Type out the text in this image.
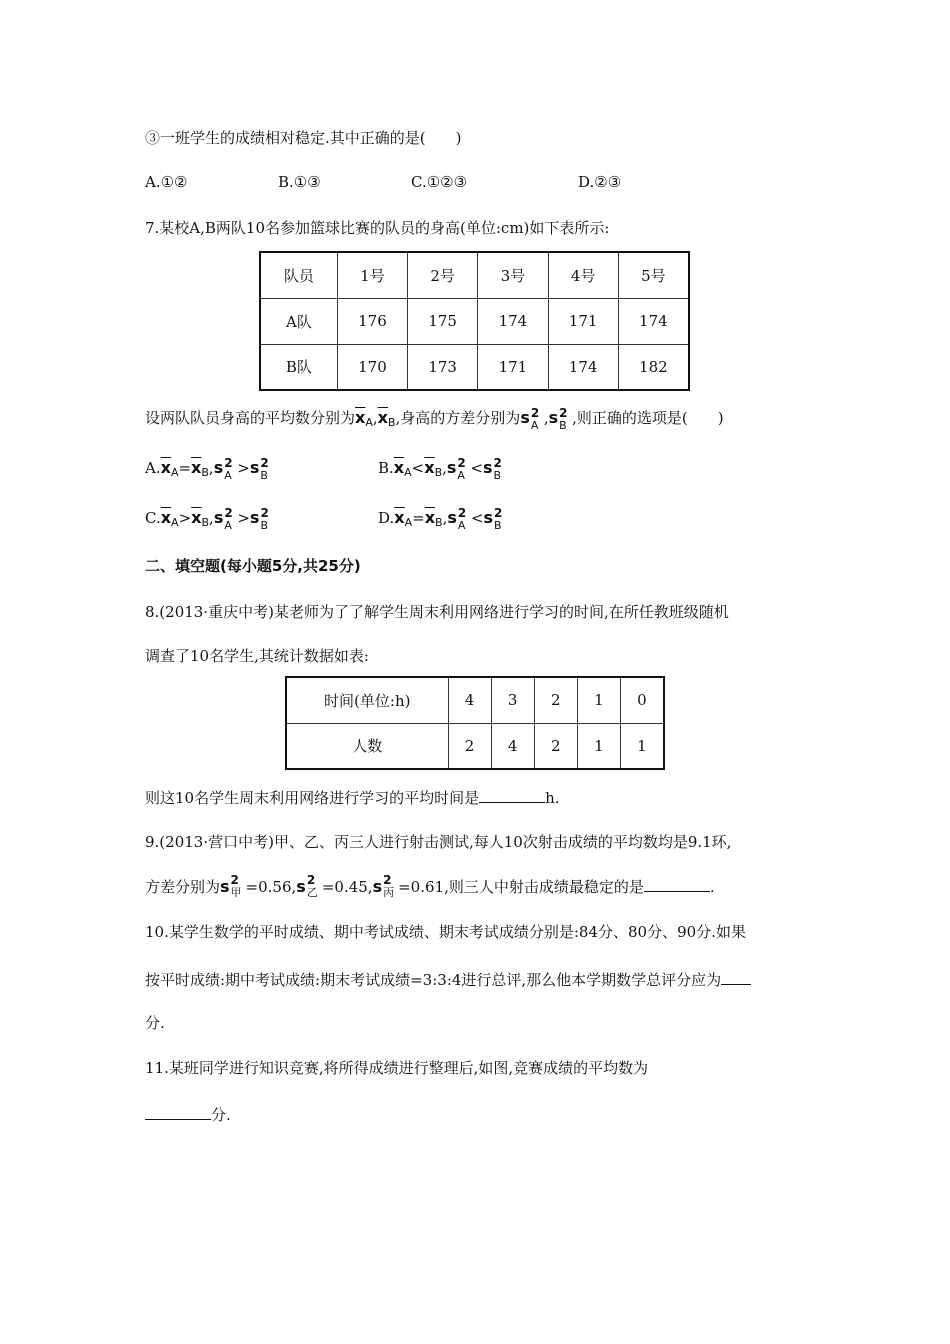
③一班学生的成绩相对稳定.其中正确的是(　　)
A.①②	B.①③	C.①②③	D.②③
7.某校A,B两队10名参加篮球比赛的队员的身高(单位:cm)如下表所示:
队员	1号	2号	3号	4号	5号
A队	176	175	174	171	174
B队	170	173	171	174	182
设两队队员身高的平均数分别为$\overline{x}_A,\overline{x}_B$,身高的方差分别为s 2
A ,s 2
B ,则正确的选项是(　　)
$A.\overline{x}_A=\overline{x}_B,s$ 2
A >s 2
B	$B.\overline{x}_A<\overline{x}_B,s$ 2
A <s 2
B
$C.\overline{x}_A>\overline{x}_B,s$ 2
A >s 2
B	$D.\overline{x}_A=\overline{x}_B,s$ 2
A <s 2
B
二、填空题(每小题5分,共25分)
8.(2013·重庆中考)某老师为了了解学生周末利用网络进行学习的时间,在所任教班级随机
调查了10名学生,其统计数据如表:
时间(单位:h)	4	3	2	1	0
人数	2	4	2	1	1
则这10名学生周末利用网络进行学习的平均时间是	h.
9.(2013·营口中考)甲、乙、丙三人进行射击测试,每人10次射击成绩的平均数均是9.1环,
方差分别为s 2
甲 =0.56,s 2
乙 =0.45,s 2
丙 =0.61,则三人中射击成绩最稳定的是	.
10.某学生数学的平时成绩、期中考试成绩、期末考试成绩分别是:84分、80分、90分.如果
按平时成绩:期中考试成绩:期末考试成绩=3:3:4进行总评,那么他本学期数学总评分应为
分.
11.某班同学进行知识竞赛,将所得成绩进行整理后,如图,竞赛成绩的平均数为
分.
